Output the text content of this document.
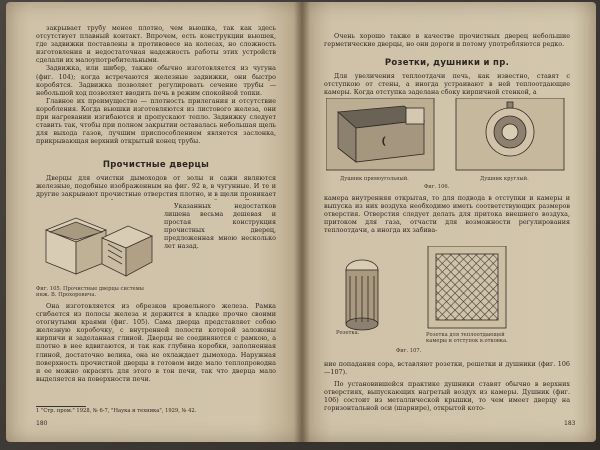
закрывает трубу менее плотно, чем вьюшка, так как здесь отсутствует плавный контакт. Впрочем, есть конструкции вьюшек, где задвижки поставлены в противовесе на колесах, но сложность изготовления и недостаточная надежность работы этих устройств сделали их малоупотребительными.

Задвижка, или шибер, также обычно изготовляется из чугуна (фиг. 104); когда встречаются железные задвижки, они быстро коробятся. Задвижка позволяет регулировать сечение трубы — небольшой ход позволяет вводить печь в режим спокойной топки.

Главное их преимущество — плотность прилегания и отсутствие коробления. Когда вьюшки изготовляются из листового железа, они при нагревании изгибаются и пропускают тепло. Задвижку следует ставить так, чтобы при полном закрытии оставалась небольшая щель для выхода газов, лучшим приспособлением является заслонка, прикрывающая верхний открытый конец трубы.

Прочистные дверцы

Дверцы для очистки дымоходов от золы и сажи являются железные, подобные изображенным на фиг. 92 в, в чугунные. И те и другие закрывают прочистные отверстия плотно, и в щели проникает

Фиг. 105. Прочистные дверцы системы инж. В. Прохоровича.

Указанных недостатков лишена весьма дешевая и простая конструкция прочистных дверец, предложенная мною несколько лет назад.

Она изготовляется из обрезков кровельного железа. Рамка сгибается из полосы железа и держится в кладке прочно своими отогнутыми краями (фиг. 105). Сама дверца представляет собою железную коробочку, с внутренней полости которой заложены кирпичи и заделанная глиной. Дверцы не соединяются с рамкою, а плотно в нее вдвигаются, и так как глубина коробки, заполненная глиной, достаточно велика, она не охлаждает дымохода. Наружная поверхность прочистной дверцы в готовом виде мало теплопроводна и ее можно окрасить для этого в тон печи, так что дверца мало выделяется на поверхности печи.

1 "Стр. пром." 1928, № 6-7, "Наука и техника", 1929, № 42.
180

Очень хорошо также в качестве прочистных дверец небольшие герметические дверцы, но они дороги и потому употребляются редко.

Розетки, душники и пр.

Для увеличения теплоотдачи печь, как известно, ставят с отступкою от стены, а иногда устраивают в ней теплоотдающие камеры. Когда отступка заделана сбоку кирпичной стенкой, а

(
Душник прямоугольный.	Душник круглый.
Фиг. 106.

камера внутренняя открытая, то для подвода в отступки и камеры и выпуска из них воздуха необходимо иметь соответствующих размеров отверстия. Отверстия следует делать для притока внешнего воздуха, притоком для газа, отчасти для возможности регулирования теплоотдачи, а иногда их забива-

Розетка.	Розетка для теплоотдающей камеры и отступок в.отковка.
Фиг. 107.

ние попадания сора, вставляют розетки, решетки и душники (фиг. 106—107).

По установившейся практике душники ставят обычно в верхних отверстиях, выпускающих нагретый воздух из камеры. Душник (фиг. 106) состоит из металлической крышки, то чем имеет дверцу на горизонтальной оси (шарнире), открытой кото-

183
